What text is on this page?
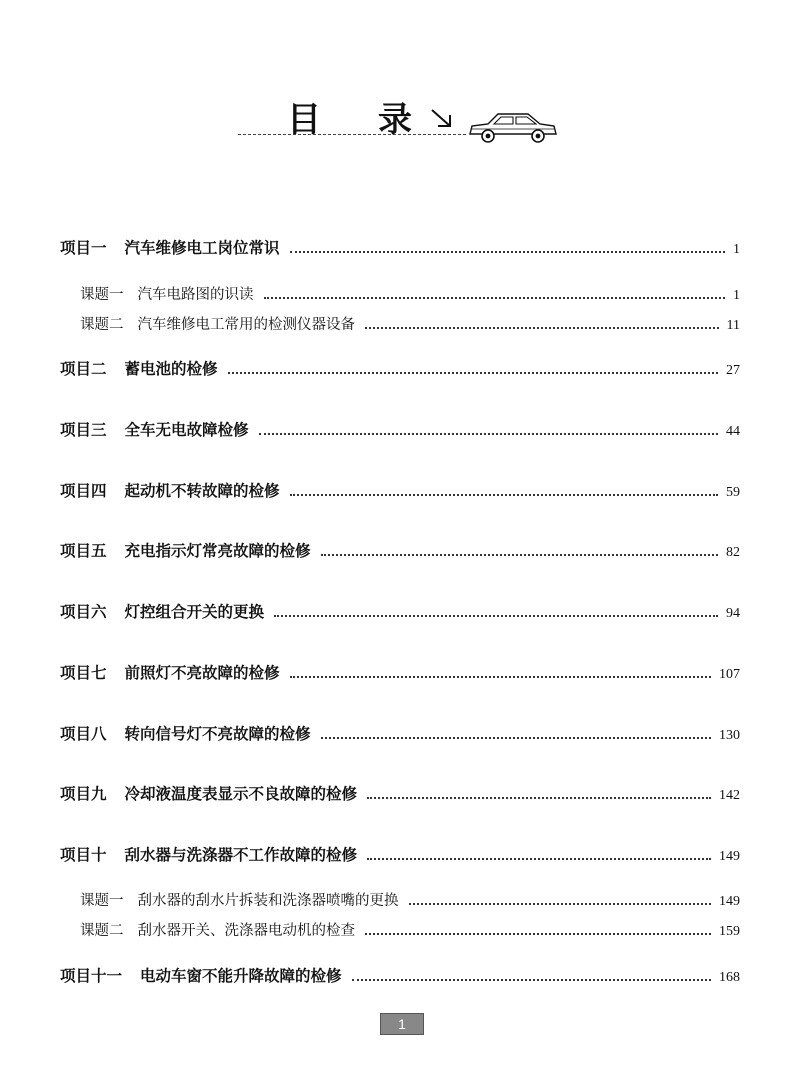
目 录
项目一 汽车维修电工岗位常识	1
课题一 汽车电路图的识读	1
课题二 汽车维修电工常用的检测仪器设备	11
项目二 蓄电池的检修	27
项目三 全车无电故障检修	44
项目四 起动机不转故障的检修	59
项目五 充电指示灯常亮故障的检修	82
项目六 灯控组合开关的更换	94
项目七 前照灯不亮故障的检修	107
项目八 转向信号灯不亮故障的检修	130
项目九 冷却液温度表显示不良故障的检修	142
项目十 刮水器与洗涤器不工作故障的检修	149
课题一 刮水器的刮水片拆装和洗涤器喷嘴的更换	149
课题二 刮水器开关、洗涤器电动机的检查	159
项目十一 电动车窗不能升降故障的检修	168
1
